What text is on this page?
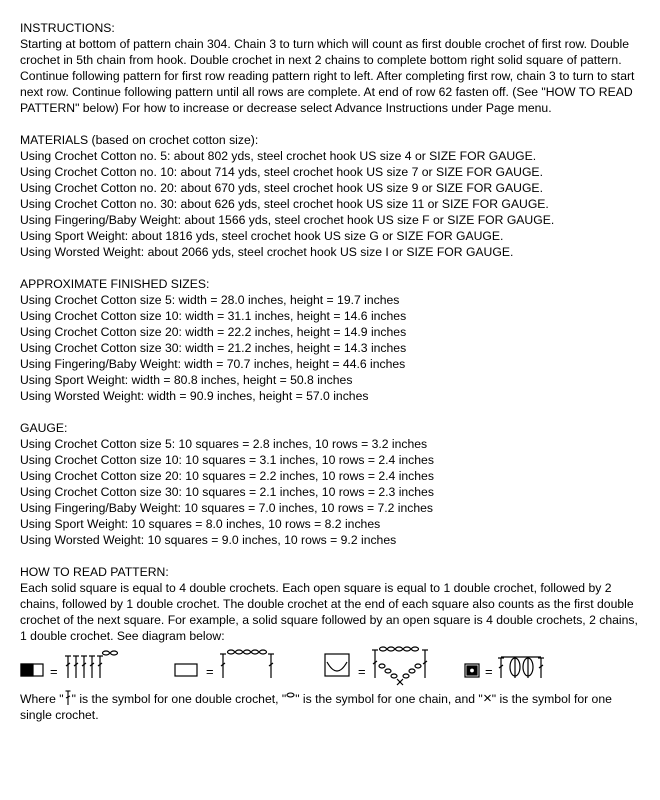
INSTRUCTIONS:
Starting at bottom of pattern chain 304. Chain 3 to turn which will count as first double crochet of first row. Double crochet in 5th chain from hook. Double crochet in next 2 chains to complete bottom right solid square of pattern. Continue following pattern for first row reading pattern right to left. After completing first row, chain 3 to turn to start next row. Continue following pattern until all rows are complete. At end of row 62 fasten off. (See "HOW TO READ PATTERN" below) For how to increase or decrease select Advance Instructions under Page menu.
MATERIALS (based on crochet cotton size):
Using Crochet Cotton no. 5: about 802 yds, steel crochet hook US size 4 or SIZE FOR GAUGE.
Using Crochet Cotton no. 10: about 714 yds, steel crochet hook US size 7 or SIZE FOR GAUGE.
Using Crochet Cotton no. 20: about 670 yds, steel crochet hook US size 9 or SIZE FOR GAUGE.
Using Crochet Cotton no. 30: about 626 yds, steel crochet hook US size 11 or SIZE FOR GAUGE.
Using Fingering/Baby Weight: about 1566 yds, steel crochet hook US size F or SIZE FOR GAUGE.
Using Sport Weight: about 1816 yds, steel crochet hook US size G or SIZE FOR GAUGE.
Using Worsted Weight: about 2066 yds, steel crochet hook US size I or SIZE FOR GAUGE.
APPROXIMATE FINISHED SIZES:
Using Crochet Cotton size 5: width = 28.0 inches, height = 19.7 inches
Using Crochet Cotton size 10: width = 31.1 inches, height = 14.6 inches
Using Crochet Cotton size 20: width = 22.2 inches, height = 14.9 inches
Using Crochet Cotton size 30: width = 21.2 inches, height = 14.3 inches
Using Fingering/Baby Weight: width = 70.7 inches, height = 44.6 inches
Using Sport Weight: width = 80.8 inches, height = 50.8 inches
Using Worsted Weight: width = 90.9 inches, height = 57.0 inches
GAUGE:
Using Crochet Cotton size 5: 10 squares = 2.8 inches, 10 rows = 3.2 inches
Using Crochet Cotton size 10: 10 squares = 3.1 inches, 10 rows = 2.4 inches
Using Crochet Cotton size 20: 10 squares = 2.2 inches, 10 rows = 2.4 inches
Using Crochet Cotton size 30: 10 squares = 2.1 inches, 10 rows = 2.3 inches
Using Fingering/Baby Weight: 10 squares = 7.0 inches, 10 rows = 7.2 inches
Using Sport Weight: 10 squares = 8.0 inches, 10 rows = 8.2 inches
Using Worsted Weight: 10 squares = 9.0 inches, 10 rows = 9.2 inches
HOW TO READ PATTERN:
Each solid square is equal to 4 double crochets. Each open square is equal to 1 double crochet, followed by 2 chains, followed by 1 double crochet. The double crochet at the end of each square also counts as the first double crochet of the next square. For example, a solid square followed by an open square is 4 double crochets, 2 chains, 1 double crochet. See diagram below:
=	=	=	=
Where " " is the symbol for one double crochet, " " is the symbol for one chain, and " " is the symbol for one single crochet.
